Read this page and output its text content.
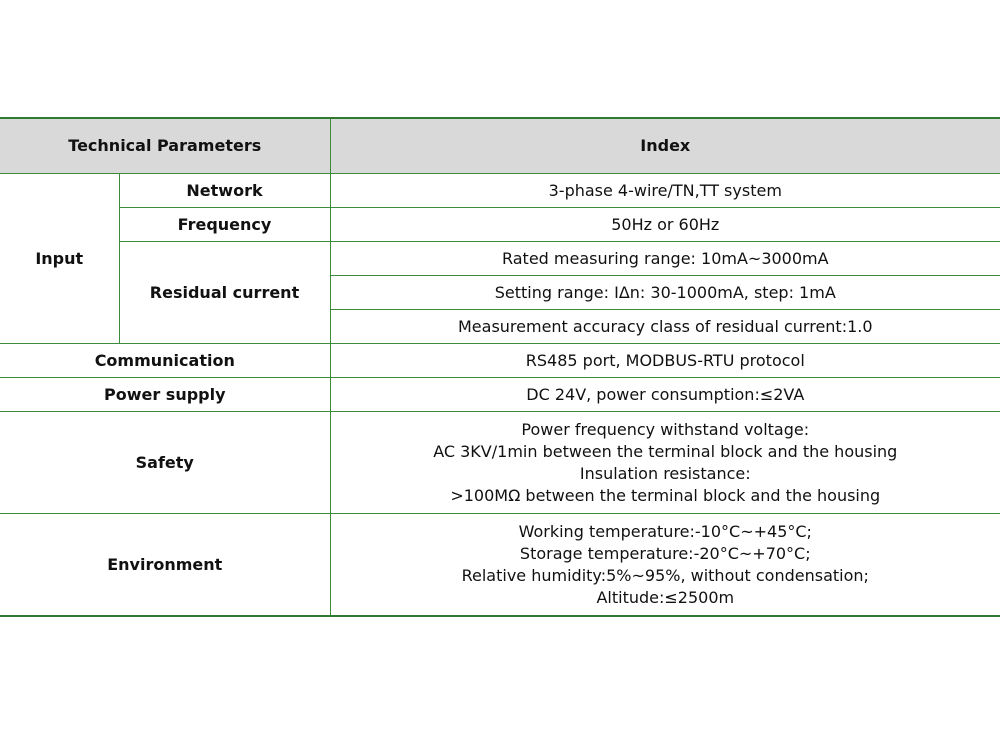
Technical Parameters		Index
Input	Network	3-phase 4-wire/TN,TT system
	Frequency	50Hz or 60Hz
	Residual current	Rated measuring range: 10mA~3000mA
		Setting range: IΔn: 30-1000mA, step: 1mA
		Measurement accuracy class of residual current:1.0
Communication		RS485 port, MODBUS-RTU protocol
Power supply		DC 24V, power consumption:≤2VA
Safety		Power frequency withstand voltage:
AC 3KV/1min between the terminal block and the housing
Insulation resistance:
>100MΩ between the terminal block and the housing

Environment		Working temperature:-10°C~+45°C;
Storage temperature:-20°C~+70°C;
Relative humidity:5%~95%, without condensation;
Altitude:≤2500m
